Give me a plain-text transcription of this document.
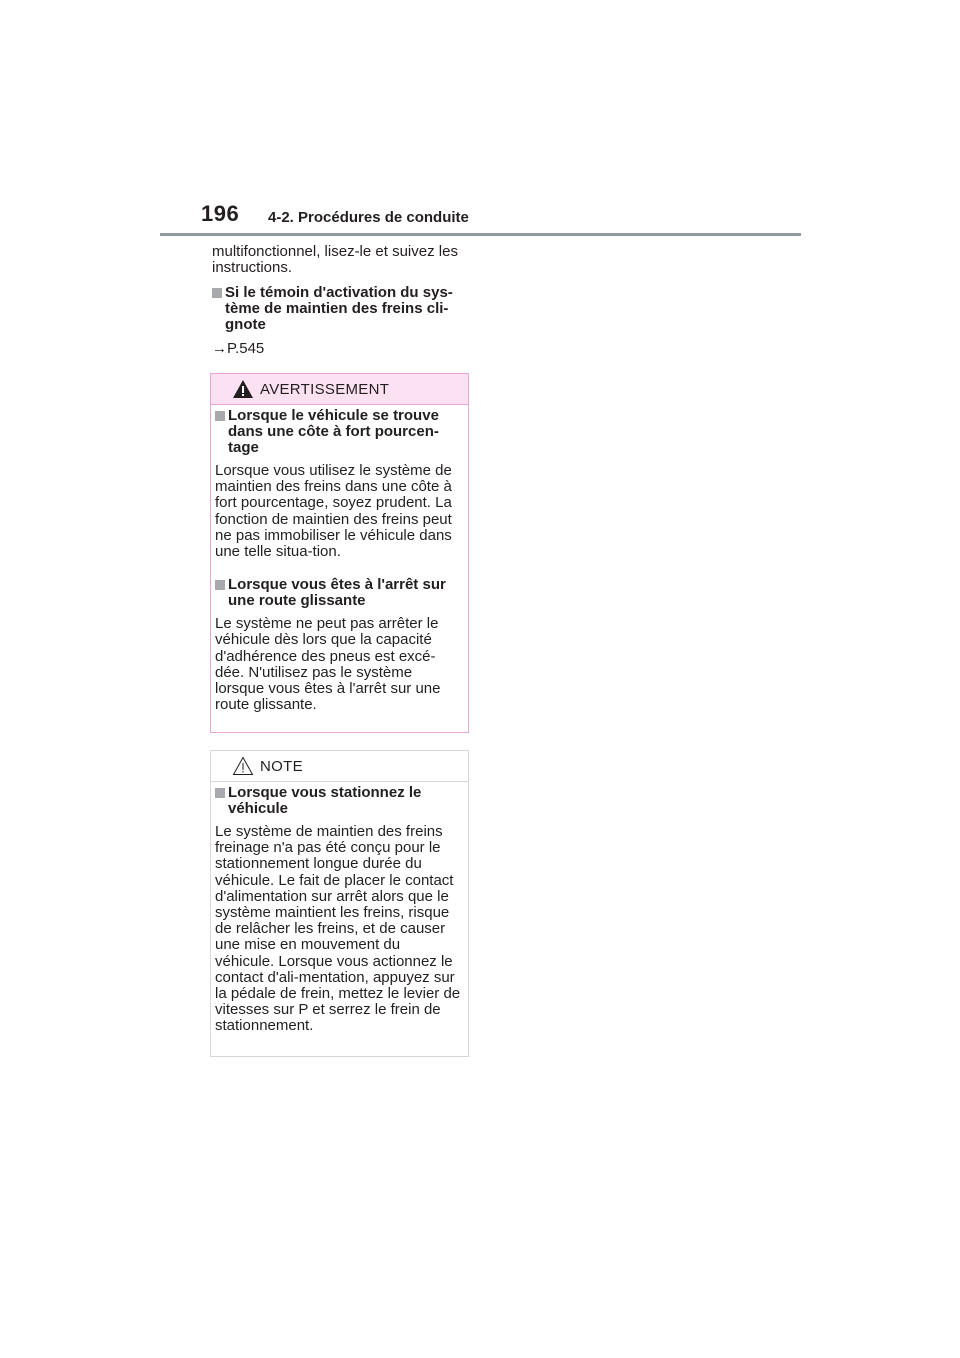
196 4-2. Procédures de conduite
multifonctionnel, lisez-le et suivez les instructions.
Si le témoin d'activation du sys-tème de maintien des freins cli-gnote
→P.545
AVERTISSEMENT
Lorsque le véhicule se trouve dans une côte à fort pourcen-tage
Lorsque vous utilisez le système de maintien des freins dans une côte à fort pourcentage, soyez prudent. La fonction de maintien des freins peut ne pas immobiliser le véhicule dans une telle situa-tion.
Lorsque vous êtes à l'arrêt sur une route glissante
Le système ne peut pas arrêter le véhicule dès lors que la capacité d'adhérence des pneus est excé-dée. N'utilisez pas le système lorsque vous êtes à l'arrêt sur une route glissante.
NOTE
Lorsque vous stationnez le véhicule
Le système de maintien des freins freinage n'a pas été conçu pour le stationnement longue durée du véhicule. Le fait de placer le contact d'alimentation sur arrêt alors que le système maintient les freins, risque de relâcher les freins, et de causer une mise en mouvement du véhicule. Lorsque vous actionnez le contact d'ali-mentation, appuyez sur la pédale de frein, mettez le levier de vitesses sur P et serrez le frein de stationnement.
